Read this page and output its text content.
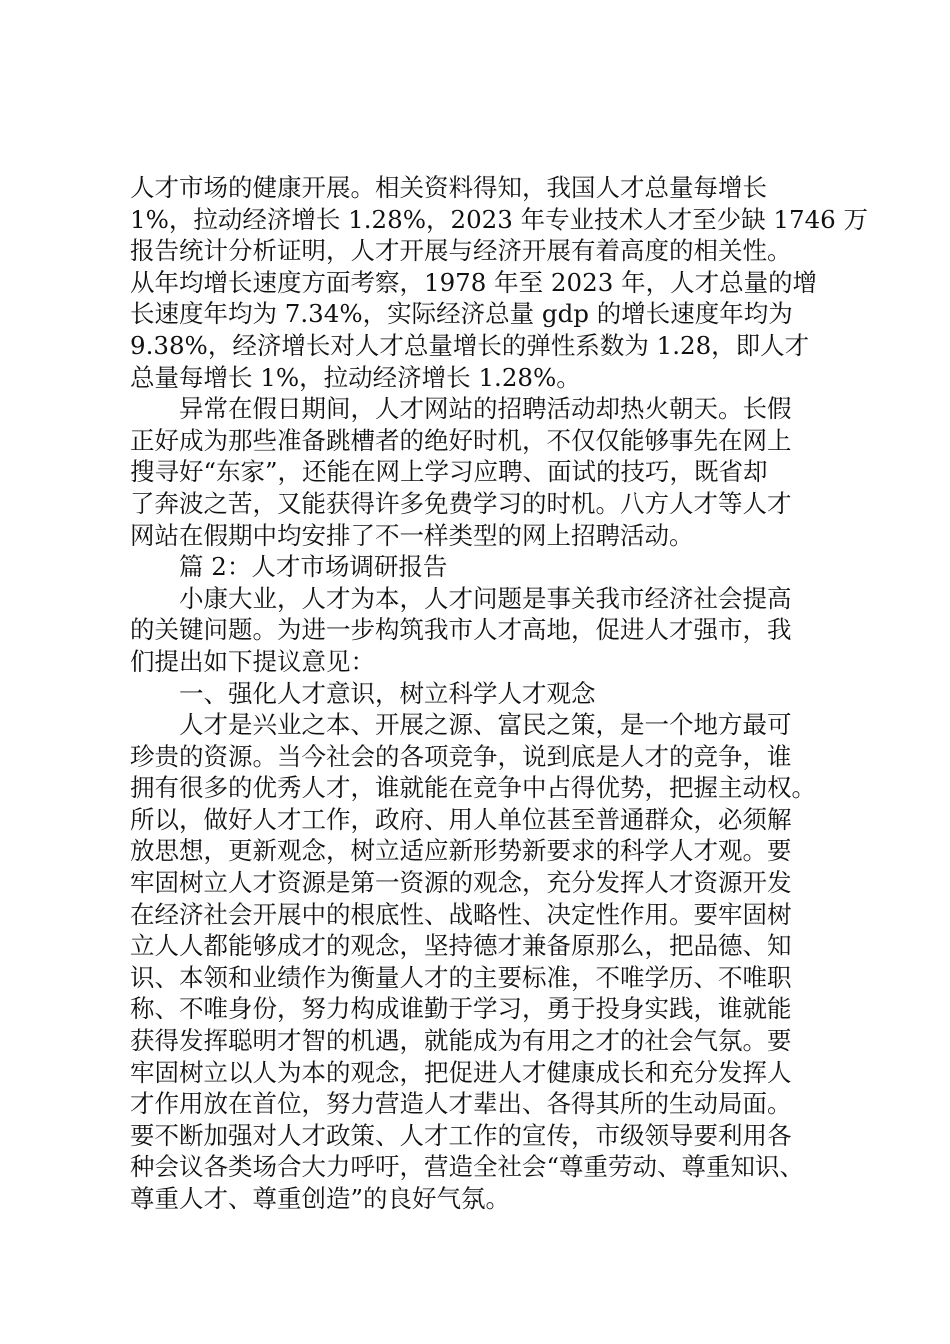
人才市场的健康开展。相关资料得知，我国人才总量每增长
1%，拉动经济增长 1.28%，2023 年专业技术人才至少缺 1746 万
报告统计分析证明，人才开展与经济开展有着高度的相关性。
从年均增长速度方面考察，1978 年至 2023 年，人才总量的增
长速度年均为 7.34%，实际经济总量 gdp 的增长速度年均为
9.38%，经济增长对人才总量增长的弹性系数为 1.28，即人才
总量每增长 1%，拉动经济增长 1.28%。
异常在假日期间，人才网站的招聘活动却热火朝天。长假
正好成为那些准备跳槽者的绝好时机，不仅仅能够事先在网上
搜寻好“东家”，还能在网上学习应聘、面试的技巧，既省却
了奔波之苦，又能获得许多免费学习的时机。八方人才等人才
网站在假期中均安排了不一样类型的网上招聘活动。
篇 2：人才市场调研报告
小康大业，人才为本，人才问题是事关我市经济社会提高
的关键问题。为进一步构筑我市人才高地，促进人才强市，我
们提出如下提议意见：
一、强化人才意识，树立科学人才观念
人才是兴业之本、开展之源、富民之策，是一个地方最可
珍贵的资源。当今社会的各项竞争，说到底是人才的竞争，谁
拥有很多的优秀人才，谁就能在竞争中占得优势，把握主动权。
所以，做好人才工作，政府、用人单位甚至普通群众，必须解
放思想，更新观念，树立适应新形势新要求的科学人才观。要
牢固树立人才资源是第一资源的观念，充分发挥人才资源开发
在经济社会开展中的根底性、战略性、决定性作用。要牢固树
立人人都能够成才的观念，坚持德才兼备原那么，把品德、知
识、本领和业绩作为衡量人才的主要标准，不唯学历、不唯职
称、不唯身份，努力构成谁勤于学习，勇于投身实践，谁就能
获得发挥聪明才智的机遇，就能成为有用之才的社会气氛。要
牢固树立以人为本的观念，把促进人才健康成长和充分发挥人
才作用放在首位，努力营造人才辈出、各得其所的生动局面。
要不断加强对人才政策、人才工作的宣传，市级领导要利用各
种会议各类场合大力呼吁，营造全社会“尊重劳动、尊重知识、
尊重人才、尊重创造”的良好气氛。
